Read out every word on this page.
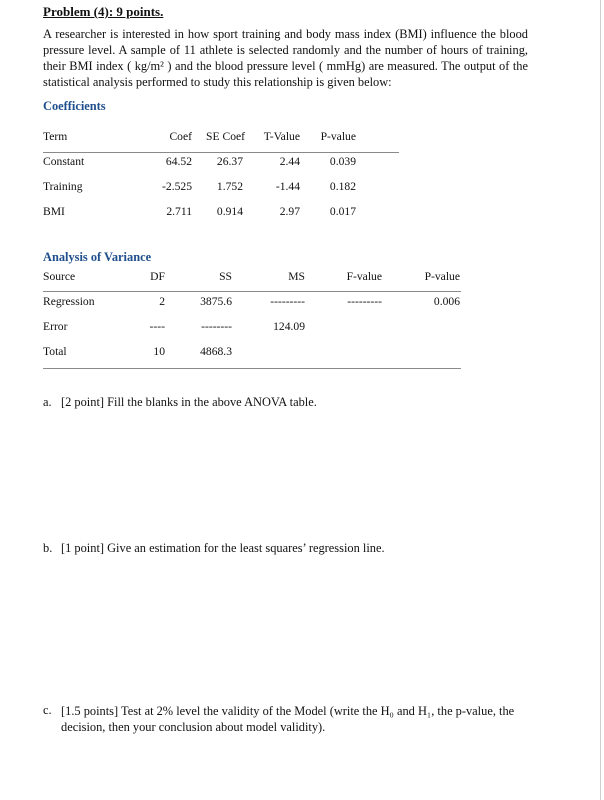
Problem (4): 9 points.
A researcher is interested in how sport training and body mass index (BMI) influence the blood pressure level. A sample of 11 athlete is selected randomly and the number of hours of training, their BMI index ( kg/m² ) and the blood pressure level ( mmHg) are measured. The output of the statistical analysis performed to study this relationship is given below:
Coefficients
Term	Coef	SE Coef	T-Value	P-value
Constant	64.52	26.37	2.44	0.039
Training	-2.525	1.752	-1.44	0.182
BMI	2.711	0.914	2.97	0.017
Analysis of Variance
Source	DF	SS	MS	F-value	P-value
Regression	2	3875.6	---------	---------	0.006
Error	----	--------	124.09
Total	10	4868.3
a. [2 point] Fill the blanks in the above ANOVA table.
b. [1 point] Give an estimation for the least squares’ regression line.
c. [1.5 points] Test at 2% level the validity of the Model (write the H₀ and H₁, the p-value, the decision, then your conclusion about model validity).
